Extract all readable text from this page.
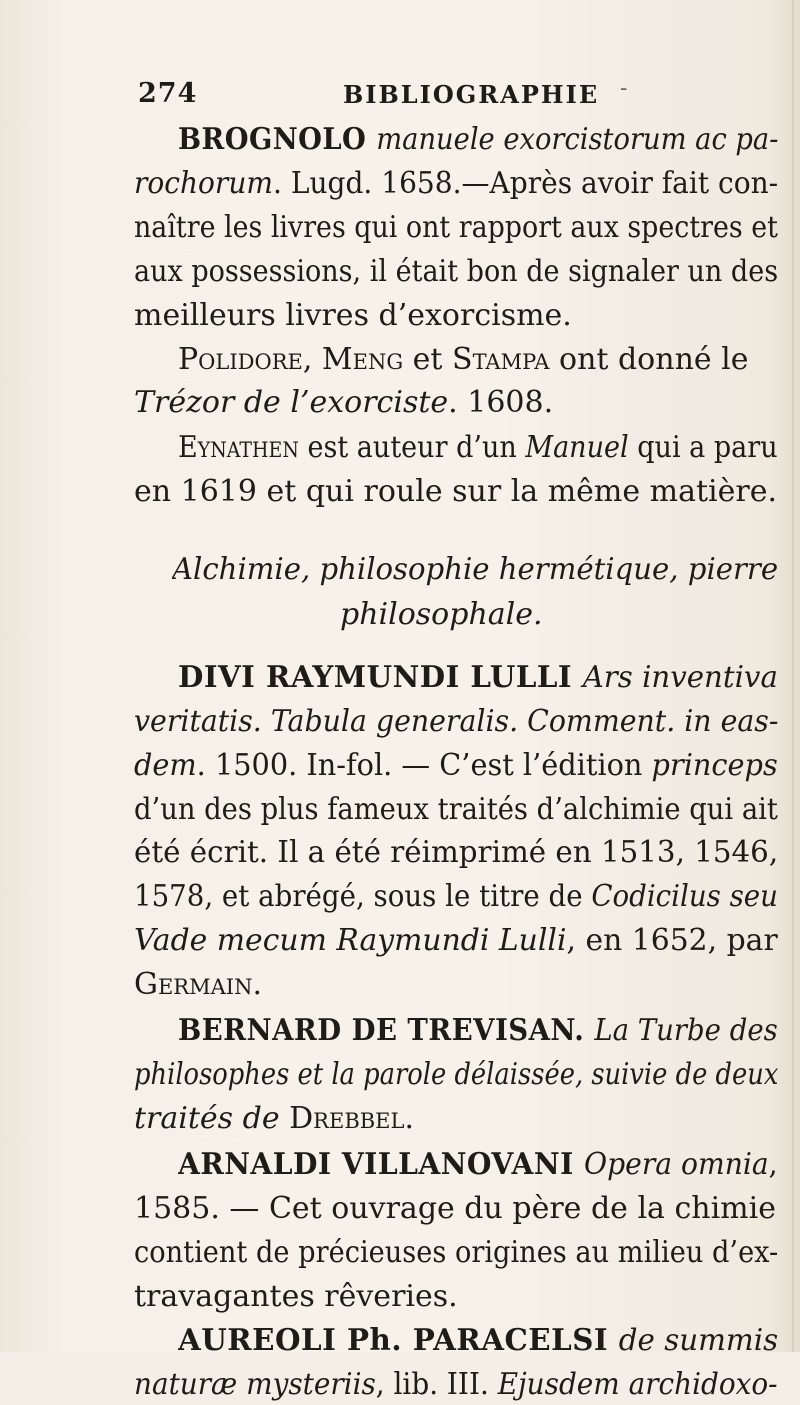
274	BIBLIOGRAPHIE -
BROGNOLO manuele exorcistorum ac pa-
rochorum. Lugd. 1658.—Après avoir fait con-
naître les livres qui ont rapport aux spectres et
aux possessions, il était bon de signaler un des
meilleurs livres d’exorcisme.
Polidore, Meng et Stampa ont donné le
Trézor de l’exorciste. 1608.
Eynathen est auteur d’un Manuel qui a paru
en 1619 et qui roule sur la même matière.
Alchimie, philosophie hermétique, pierre
philosophale.
DIVI RAYMUNDI LULLI Ars inventiva
veritatis. Tabula generalis. Comment. in eas-
dem. 1500. In-fol. — C’est l’édition princeps
d’un des plus fameux traités d’alchimie qui ait
été écrit. Il a été réimprimé en 1513, 1546,
1578, et abrégé, sous le titre de Codicilus seu
Vade mecum Raymundi Lulli, en 1652, par
Germain.
BERNARD DE TREVISAN. La Turbe des
philosophes et la parole délaissée, suivie de deux
traités de Drebbel.
ARNALDI VILLANOVANI Opera omnia,
1585. — Cet ouvrage du père de la chimie
contient de précieuses origines au milieu d’ex-
travagantes rêveries.
AUREOLI Ph. PARACELSI de summis
naturæ mysteriis, lib. III. Ejusdem archidoxo-
